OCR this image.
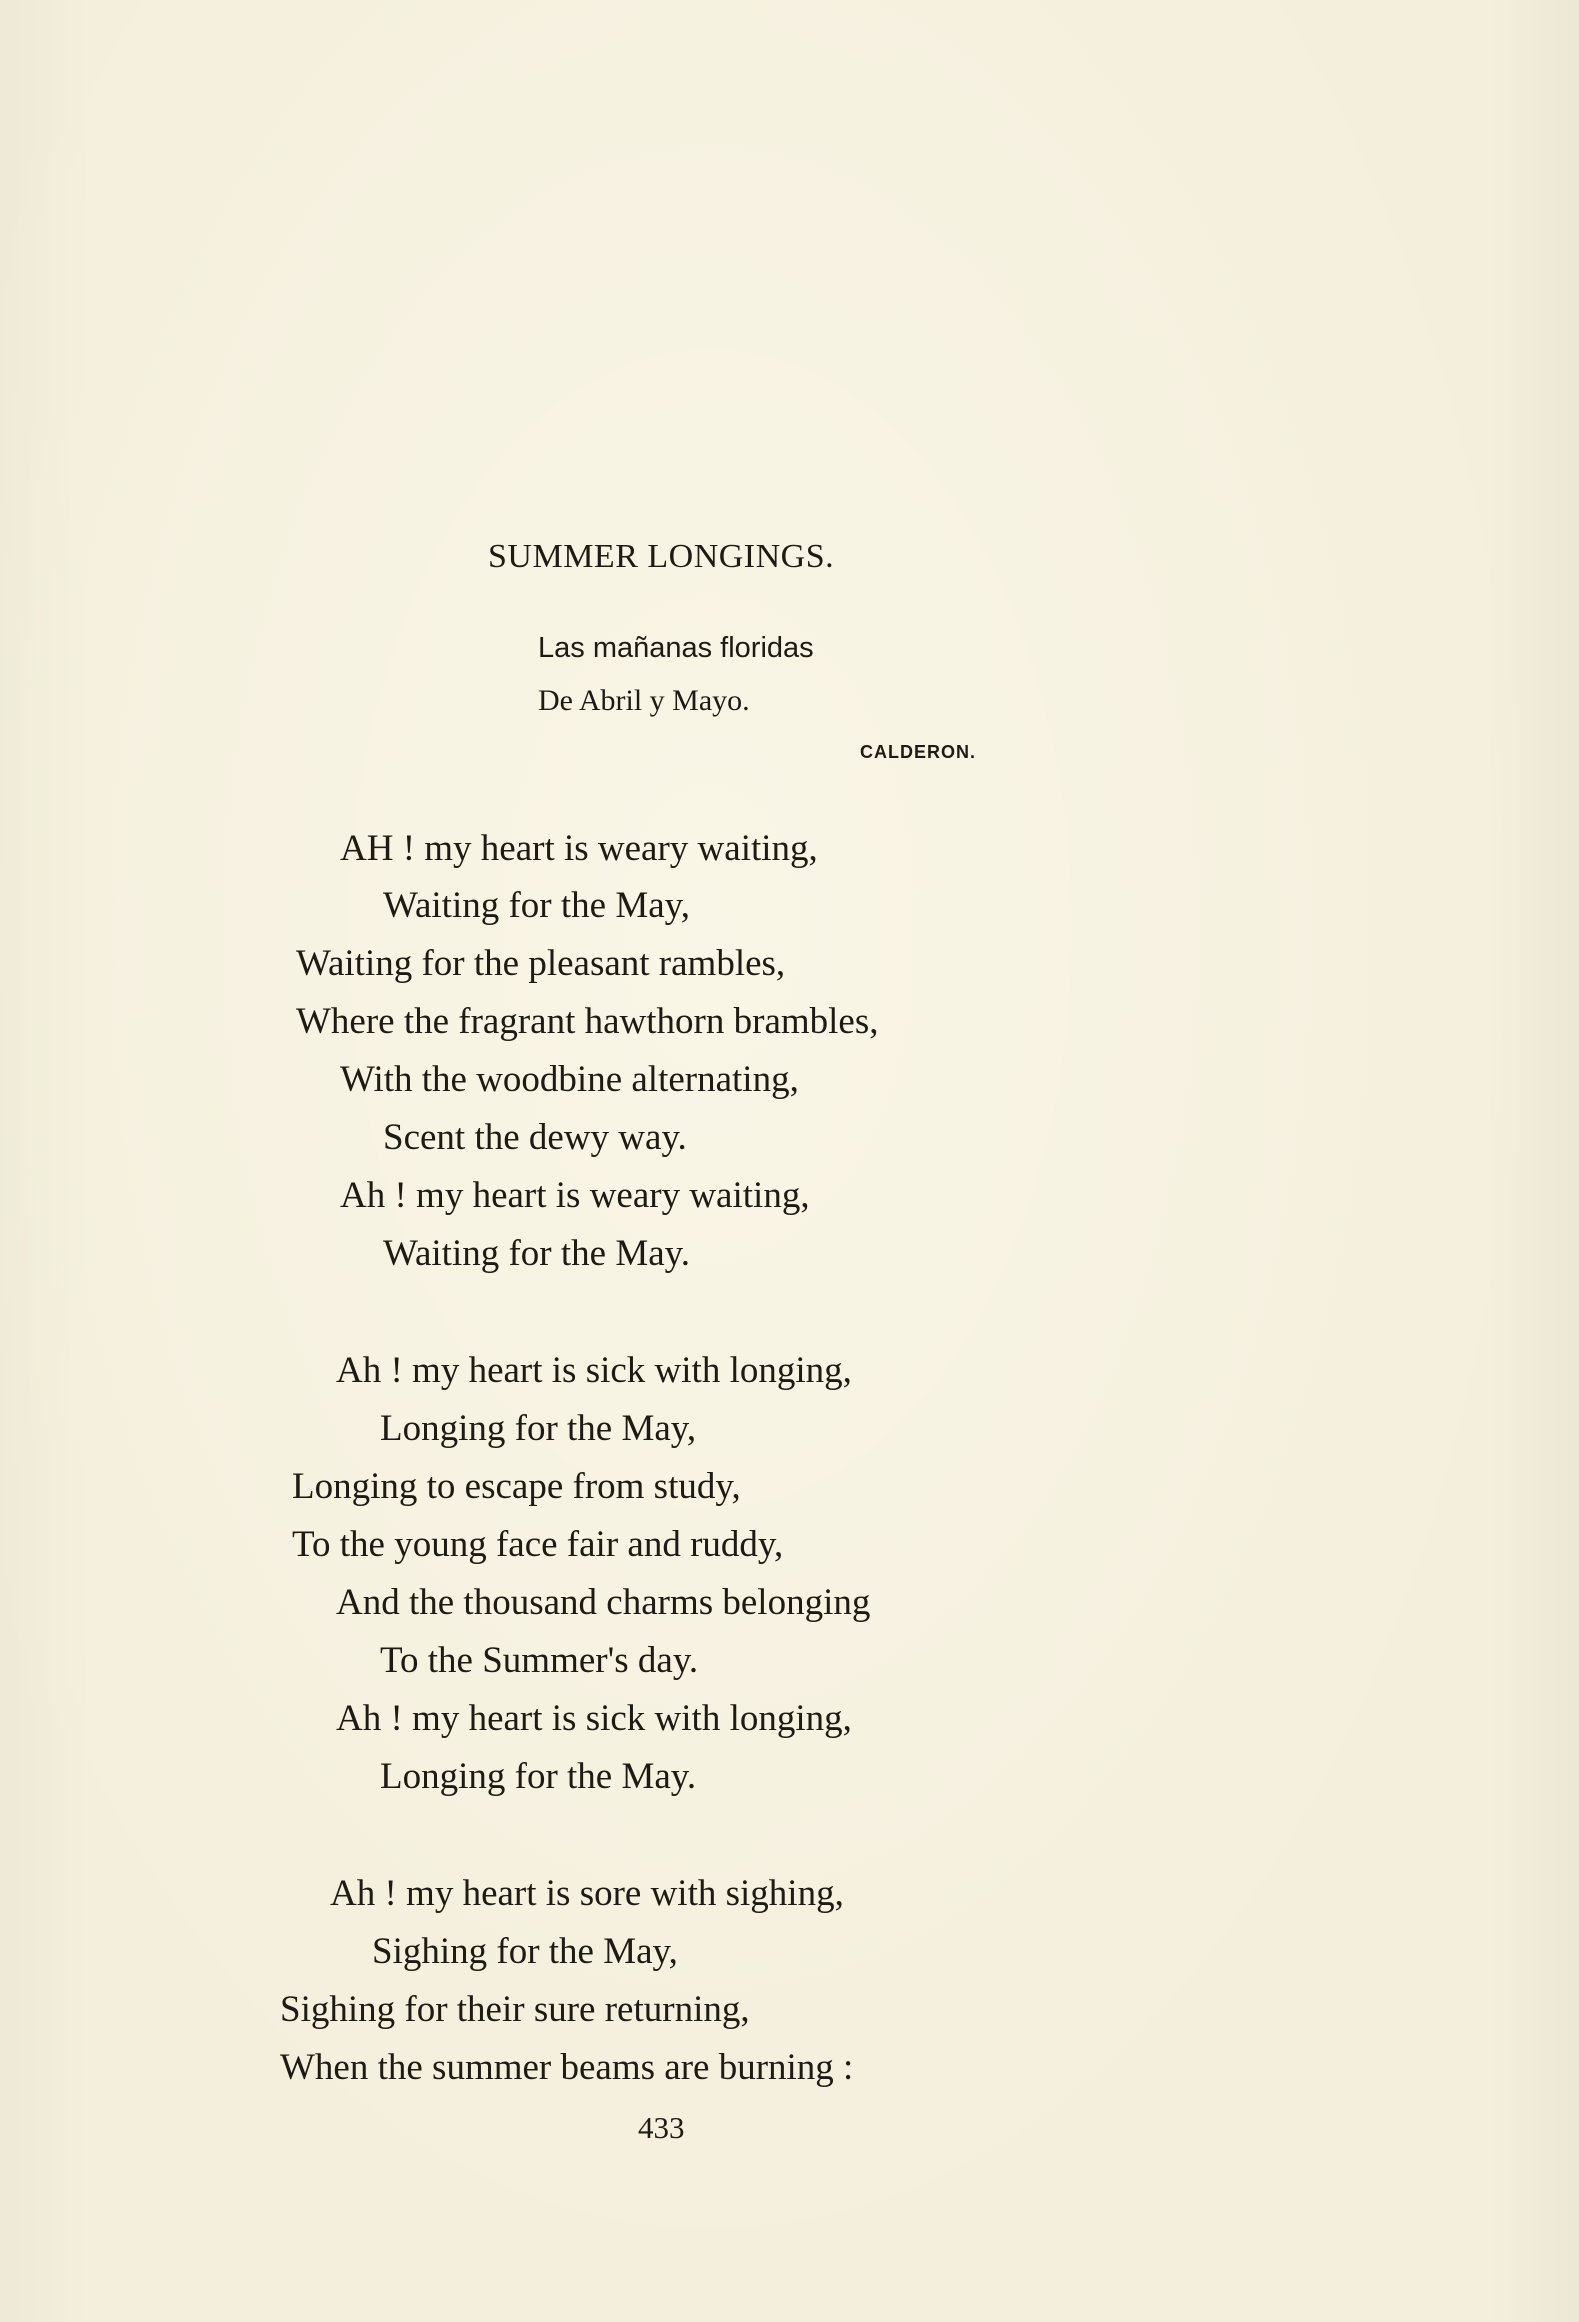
SUMMER LONGINGS.
Las mañanas floridas
De Abril y Mayo.
CALDERON.
AH ! my heart is weary waiting,
Waiting for the May,
Waiting for the pleasant rambles,
Where the fragrant hawthorn brambles,
With the woodbine alternating,
Scent the dewy way.
Ah ! my heart is weary waiting,
Waiting for the May.
Ah ! my heart is sick with longing,
Longing for the May,
Longing to escape from study,
To the young face fair and ruddy,
And the thousand charms belonging
To the Summer's day.
Ah ! my heart is sick with longing,
Longing for the May.
Ah ! my heart is sore with sighing,
Sighing for the May,
Sighing for their sure returning,
When the summer beams are burning :
433
